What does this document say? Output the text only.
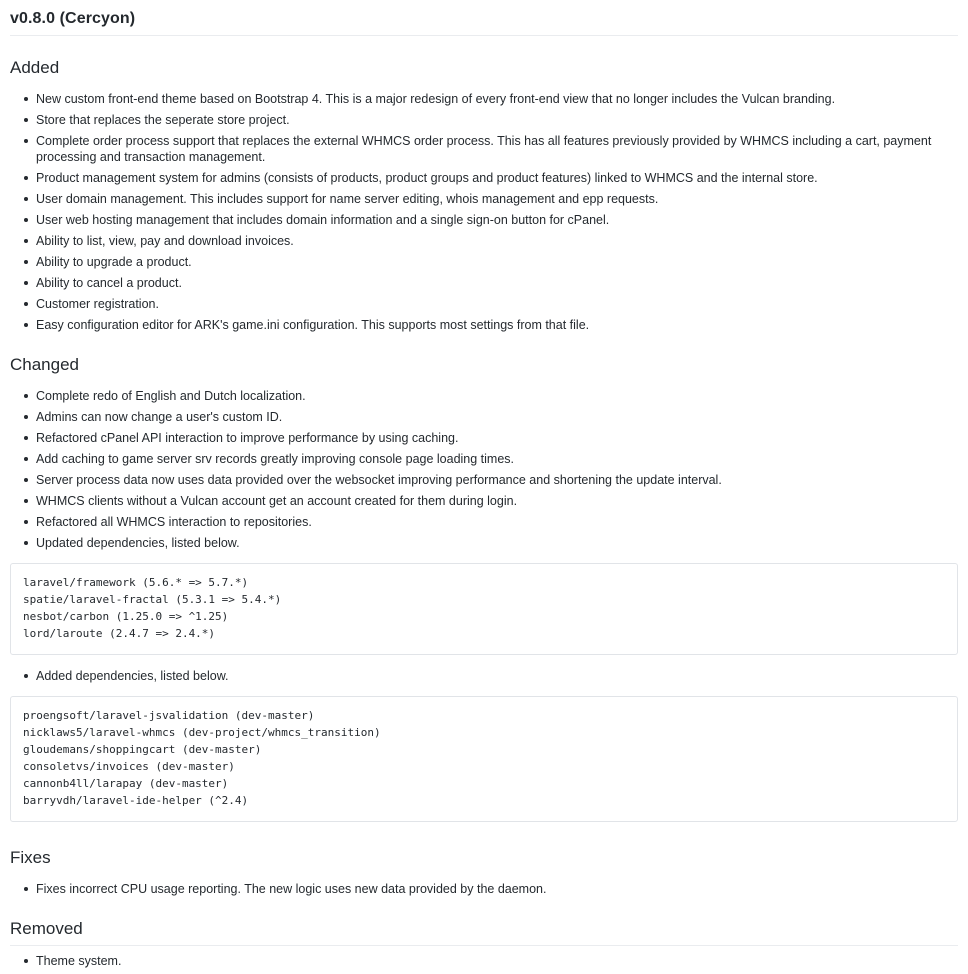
v0.8.0 (Cercyon)
Added
New custom front-end theme based on Bootstrap 4. This is a major redesign of every front-end view that no longer includes the Vulcan branding.
Store that replaces the seperate store project.
Complete order process support that replaces the external WHMCS order process. This has all features previously provided by WHMCS including a cart, payment processing and transaction management.
Product management system for admins (consists of products, product groups and product features) linked to WHMCS and the internal store.
User domain management. This includes support for name server editing, whois management and epp requests.
User web hosting management that includes domain information and a single sign-on button for cPanel.
Ability to list, view, pay and download invoices.
Ability to upgrade a product.
Ability to cancel a product.
Customer registration.
Easy configuration editor for ARK's game.ini configuration. This supports most settings from that file.
Changed
Complete redo of English and Dutch localization.
Admins can now change a user's custom ID.
Refactored cPanel API interaction to improve performance by using caching.
Add caching to game server srv records greatly improving console page loading times.
Server process data now uses data provided over the websocket improving performance and shortening the update interval.
WHMCS clients without a Vulcan account get an account created for them during login.
Refactored all WHMCS interaction to repositories.
Updated dependencies, listed below.
laravel/framework (5.6.* => 5.7.*)
spatie/laravel-fractal (5.3.1 => 5.4.*)
nesbot/carbon (1.25.0 => ^1.25)
lord/laroute (2.4.7 => 2.4.*)
Added dependencies, listed below.
proengsoft/laravel-jsvalidation (dev-master)
nicklaws5/laravel-whmcs (dev-project/whmcs_transition)
gloudemans/shoppingcart (dev-master)
consoletvs/invoices (dev-master)
cannonb4ll/larapay (dev-master)
barryvdh/laravel-ide-helper (^2.4)
Fixes
Fixes incorrect CPU usage reporting. The new logic uses new data provided by the daemon.
Removed
Theme system.
